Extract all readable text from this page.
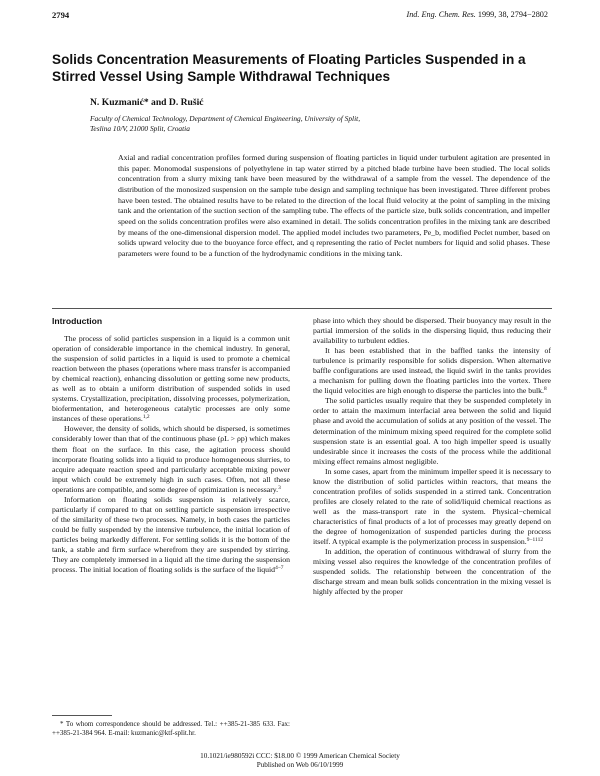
2794	Ind. Eng. Chem. Res. 1999, 38, 2794−2802
Solids Concentration Measurements of Floating Particles Suspended in a Stirred Vessel Using Sample Withdrawal Techniques
N. Kuzmanić* and D. Rušić
Faculty of Chemical Technology, Department of Chemical Engineering, University of Split,
Teslina 10/V, 21000 Split, Croatia

Axial and radial concentration profiles formed during suspension of floating particles in liquid under turbulent agitation are presented in this paper. Monomodal suspensions of polyethylene in tap water stirred by a pitched blade turbine have been studied. The local solids concentration from a slurry mixing tank have been measured by the withdrawal of a sample from the vessel. The dependence of the distribution of the monosized suspension on the sample tube design and sampling technique has been investigated. Three different probes have been tested. The obtained results have to be related to the direction of the local fluid velocity at the point of sampling in the mixing tank and the orientation of the suction section of the sampling tube. The effects of the particle size, bulk solids concentration, and impeller speed on the solids concentration profiles were also examined in detail. The solids concentration profiles in the mixing tank are described by means of the one-dimensional dispersion model. The applied model includes two parameters, Pe_b, modified Peclet number, based on solids upward velocity due to the buoyance force effect, and q representing the ratio of Peclet numbers for liquid and solid phases. These parameters were found to be a function of the hydrodynamic conditions in the mixing tank.

Introduction

The process of solid particles suspension in a liquid is a common unit operation of considerable importance in the chemical industry. In general, the suspension of solid particles in a liquid is used to promote a chemical reaction between the phases (operations where mass transfer is accompanied by chemical reaction), enhancing dissolution or getting some new products, as well as to obtain a uniform distribution of suspended solids in used systems. Crystallization, precipitation, dissolving processes, polymerization, biofermentation, and heterogeneous catalytic processes are only some instances of these operations.$^{1,2}$

However, the density of solids, which should be dispersed, is sometimes considerably lower than that of the continuous phase (ρL > ρp) which makes them float on the surface. In this case, the agitation process should incorporate floating solids into a liquid to produce homogeneous slurries, to acquire adequate reaction speed and particularly acceptable mixing power input which could be extremely high in such cases. Often, not all these operations are compatible, and some degree of optimization is necessary.$^3$

Information on floating solids suspension is relatively scarce, particularly if compared to that on settling particle suspension irrespective of the similarity of these two processes. Namely, in both cases the particles could be fully suspended by the intensive turbulence, the initial location of particles being markedly different. For settling solids it is the bottom of the tank, a stable and firm surface wherefrom they are suspended by stirring. They are completely immersed in a liquid all the time during the suspension process. The initial location of floating solids is the surface of the liquid$^{4-7}$

phase into which they should be dispersed. Their buoyancy may result in the partial immersion of the solids in the dispersing liquid, thus reducing their availability to turbulent eddies.

It has been established that in the baffled tanks the intensity of turbulence is primarily responsible for solids dispersion. When alternative baffle configurations are used instead, the liquid swirl in the tanks provides a mechanism for pulling down the floating particles into the vortex. There the liquid velocities are high enough to disperse the particles into the bulk.$^8$

The solid particles usually require that they be suspended completely in order to attain the maximum interfacial area between the solid and liquid phase and avoid the accumulation of solids at any position of the vessel. The determination of the minimum mixing speed required for the complete solid suspension state is an essential goal. A too high impeller speed is usually undesirable since it increases the costs of the process while the additional mixing effect remains almost negligible.

In some cases, apart from the minimum impeller speed it is necessary to know the distribution of solid particles within reactors, that means the concentration profiles of solids suspended in a stirred tank. Concentration profiles are closely related to the rate of solid/liquid chemical reactions as well as the mass-transport rate in the system. Physical−chemical characteristics of final products of a lot of processes may greatly depend on the degree of homogenization of suspended particles during the process itself. A typical example is the polymerization process in suspension.$^{9-1112}$

In addition, the operation of continuous withdrawal of slurry from the mixing vessel also requires the knowledge of the concentration profiles of suspended solids. The relationship between the concentration of the discharge stream and mean bulk solids concentration in the mixing vessel is highly affected by the proper

* To whom correspondence should be addressed. Tel.: ++385-21-385 633. Fax: ++385-21-384 964. E-mail: kuzmanic@ktf-split.hr.

10.1021/ie980592i CCC: $18.00 © 1999 American Chemical Society
Published on Web 06/10/1999
